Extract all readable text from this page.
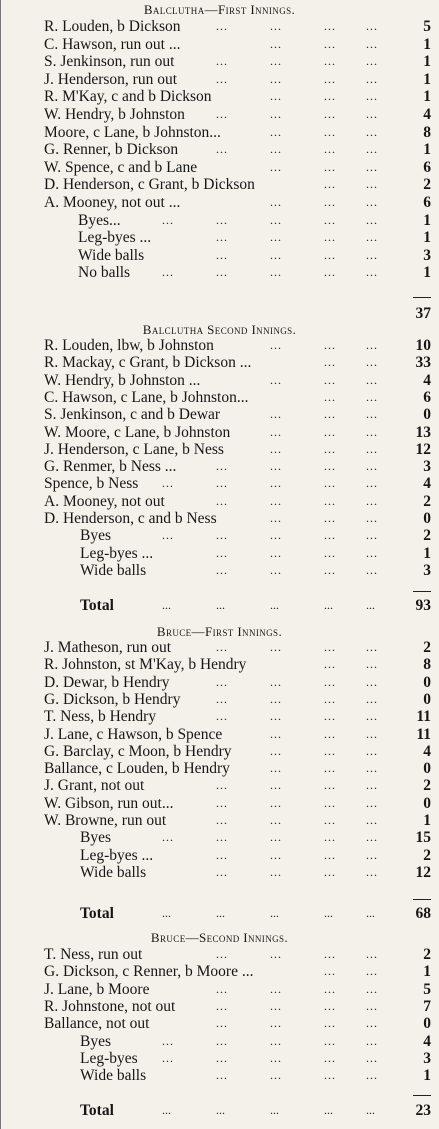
Balclutha—First Innings.
R. Louden, b Dickson	...	...	...	...	5
C. Hawson, run out ...	...	...	...	1
S. Jenkinson, run out	...	...	...	...	1
J. Henderson, run out	...	...	...	...	1
R. M'Kay, c and b Dickson	...	...	...	1
W. Hendry, b Johnston	...	...	...	...	4
Moore, c Lane, b Johnston...	...	...	...	8
G. Renner, b Dickson	...	...	...	...	1
W. Spence, c and b Lane	...	...	...	6
D. Henderson, c Grant, b Dickson	...	...	2
A. Mooney, not out ...	...	...	...	6
Byes...	...	...	...	...	...	1
Leg-byes ...	...	...	...	...	1
Wide balls	...	...	...	...	3
No balls	...	...	...	...	...	1
37
Balclutha Second Innings.
R. Louden, lbw, b Johnston	...	...	...	10
R. Mackay, c Grant, b Dickson ...	...	...	33
W. Hendry, b Johnston ...	...	...	...	4
C. Hawson, c Lane, b Johnston...	...	...	6
S. Jenkinson, c and b Dewar	...	...	...	0
W. Moore, c Lane, b Johnston	...	...	...	13
J. Henderson, c Lane, b Ness	...	...	...	12
G. Renmer, b Ness ...	...	...	...	...	3
Spence, b Ness ...	...	...	...	...	4
A. Mooney, not out	...	...	...	...	2
D. Henderson, c and b Ness	...	...	...	0
Byes	...	...	...	...	...	2
Leg-byes ...	...	...	...	...	1
Wide balls	...	...	...	...	3
Total	...	...	...	...	...	93
Bruce—First Innings.
J. Matheson, run out	...	...	...	...	2
R. Johnston, st M'Kay, b Hendry	...	...	8
D. Dewar, b Hendry	...	...	...	...	0
G. Dickson, b Hendry	...	...	...	...	0
T. Ness, b Hendry	...	...	...	...	11
J. Lane, c Hawson, b Spence	...	...	...	11
G. Barclay, c Moon, b Hendry	...	...	...	4
Ballance, c Louden, b Hendry	...	...	...	0
J. Grant, not out	...	...	...	...	2
W. Gibson, run out...	...	...	...	...	0
W. Browne, run out	...	...	...	...	1
Byes	...	...	...	...	...	15
Leg-byes ...	...	...	...	...	2
Wide balls	...	...	...	...	12
Total	...	...	...	...	...	68
Bruce—Second Innings.
T. Ness, run out	...	...	...	...	2
G. Dickson, c Renner, b Moore ...	...	...	1
J. Lane, b Moore	...	...	...	...	5
R. Johnstone, not out	...	...	...	...	7
Ballance, not out	...	...	...	...	0
Byes	...	...	...	...	...	4
Leg-byes ...	...	...	...	...	3
Wide balls	...	...	...	...	1
Total	...	...	...	...	...	23
